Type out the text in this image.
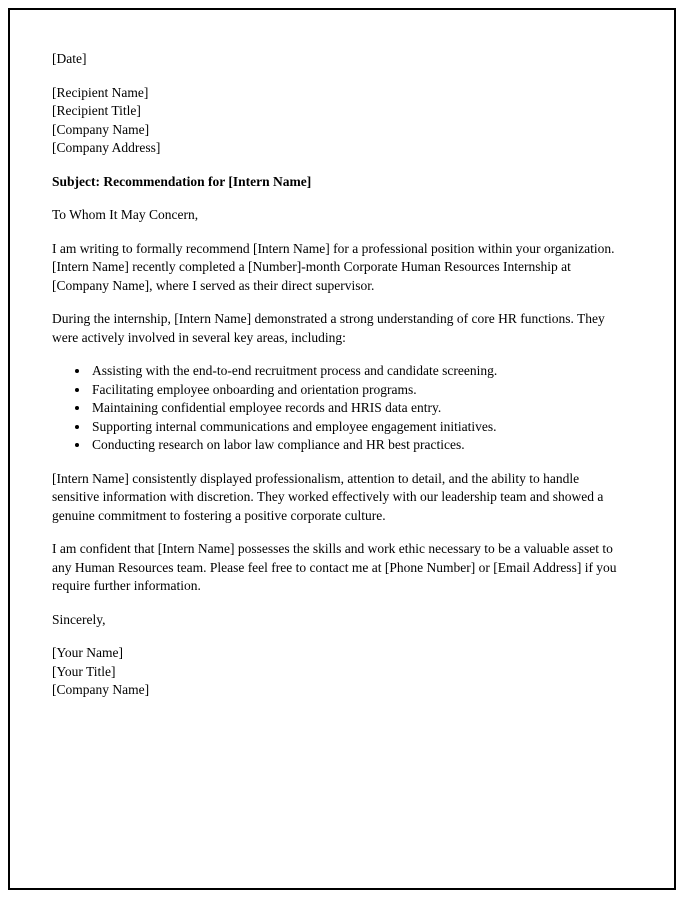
[Date]

[Recipient Name]

[Recipient Title]

[Company Name]

[Company Address]

Subject: Recommendation for [Intern Name]

To Whom It May Concern,

I am writing to formally recommend [Intern Name] for a professional position within your organization. [Intern Name] recently completed a [Number]-month Corporate Human Resources Internship at [Company Name], where I served as their direct supervisor.

During the internship, [Intern Name] demonstrated a strong understanding of core HR functions. They were actively involved in several key areas, including:

• Assisting with the end-to-end recruitment process and candidate screening.
• Facilitating employee onboarding and orientation programs.
• Maintaining confidential employee records and HRIS data entry.
• Supporting internal communications and employee engagement initiatives.
• Conducting research on labor law compliance and HR best practices.

[Intern Name] consistently displayed professionalism, attention to detail, and the ability to handle sensitive information with discretion. They worked effectively with our leadership team and showed a genuine commitment to fostering a positive corporate culture.

I am confident that [Intern Name] possesses the skills and work ethic necessary to be a valuable asset to any Human Resources team. Please feel free to contact me at [Phone Number] or [Email Address] if you require further information.

Sincerely,

[Your Name]

[Your Title]

[Company Name]
